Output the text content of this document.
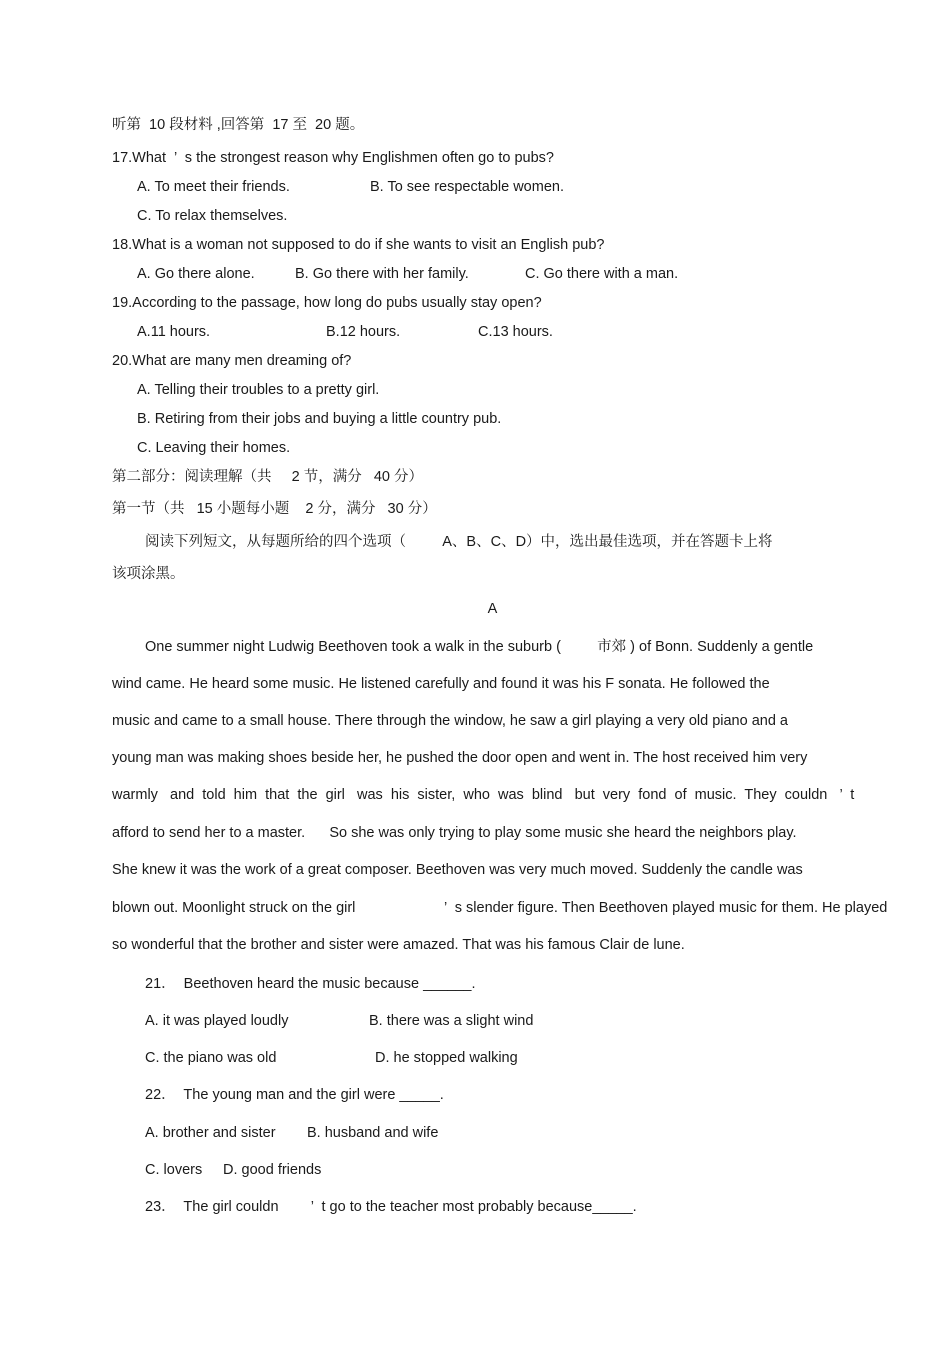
听第  10 段材料 ,回答第  17 至  20 题。
17.What  ’  s the strongest reason why Englishmen often go to pubs?
A. To meet their friends.	B. To see respectable women.
C. To relax themselves.
18.What is a woman not supposed to do if she wants to visit an English pub?
A. Go there alone.	B. Go there with her family.	C. Go there with a man.
19.According to the passage, how long do pubs usually stay open?
A.11 hours.	B.12 hours.	C.13 hours.
20.What are many men dreaming of?
A. Telling their troubles to a pretty girl.
B. Retiring from their jobs and buying a little country pub.
C. Leaving their homes.
第二部分：阅读理解（共     2 节，满分   40 分）
第一节（共   15 小题每小题    2 分，满分   30 分）
阅读下列短文，从每题所给的四个选项（         A、B、C、D）中，选出最佳选项，并在答题卡上将
该项涂黑。
A
One summer night Ludwig Beethoven took a walk in the suburb (         市郊 ) of Bonn. Suddenly a gentle
wind came. He heard some music. He listened carefully and found it was his F sonata. He followed the
music and came to a small house. There through the window, he saw a girl playing a very old piano and a
young man was making shoes beside her, he pushed the door open and went in. The host received him very
warmly   and  told  him  that  the  girl   was  his  sister,  who  was  blind   but  very  fond  of  music.  They  couldn   ’  t
afford to send her to a master.      So she was only trying to play some music she heard the neighbors play.
She knew it was the work of a great composer. Beethoven was very much moved. Suddenly the candle was
blown out. Moonlight struck on the girl                      ’  s slender figure. Then Beethoven played music for them. He played
so wonderful that the brother and sister were amazed. That was his famous Clair de lune.
21．  Beethoven heard the music because ______.
A. it was played loudly	B. there was a slight wind
C. the piano was old	D. he stopped walking
22．  The young man and the girl were _____.
A. brother and sister B. husband and wife
C. lovers D. good friends
23．  The girl couldn        ’  t go to the teacher most probably because_____.
